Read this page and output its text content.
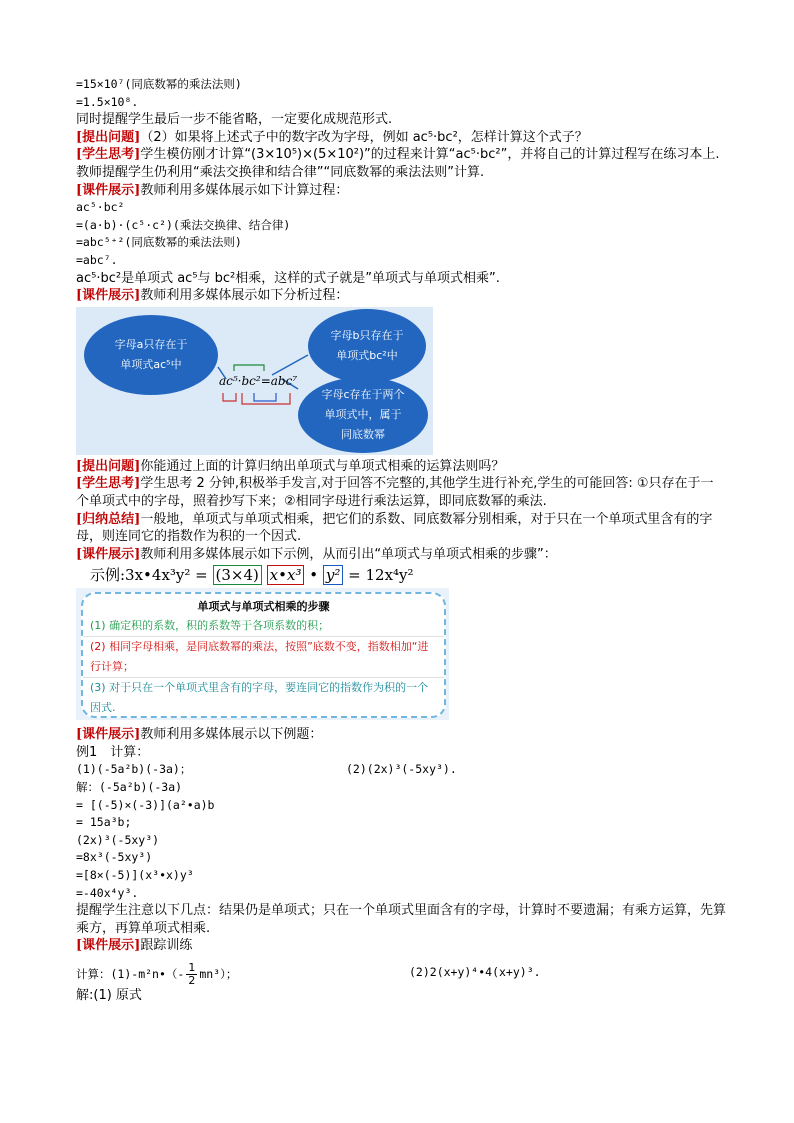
=15×10⁷(同底数幂的乘法法则)
=1.5×10⁸.
同时提醒学生最后一步不能省略，一定要化成规范形式.
[提出问题]（2）如果将上述式子中的数字改为字母，例如 ac⁵·bc²，怎样计算这个式子？
[学生思考]学生模仿刚才计算“(3×10⁵)×(5×10²)”的过程来计算“ac⁵·bc²”，并将自己的计算过程写在练习本上.教师提醒学生仍利用“乘法交换律和结合律”“同底数幂的乘法法则”计算.
[课件展示]教师利用多媒体展示如下计算过程：
ac⁵·bc²
=(a·b)·(c⁵·c²)(乘法交换律、结合律)
=abc⁵⁺²(同底数幂的乘法法则)
=abc⁷.
ac⁵·bc²是单项式 ac⁵与 bc²相乘，这样的式子就是”单项式与单项式相乘”.
[课件展示]教师利用多媒体展示如下分析过程：
字母a只存在于
单项式ac⁵中
字母b只存在于
单项式bc²中
字母c存在于两个
单项式中，属于
同底数幂
ac⁵·bc²=abc⁷
[提出问题]你能通过上面的计算归纳出单项式与单项式相乘的运算法则吗？
[学生思考]学生思考 2 分钟,积极举手发言,对于回答不完整的,其他学生进行补充,学生的可能回答: ①只存在于一个单项式中的字母，照着抄写下来；②相同字母进行乘法运算，即同底数幂的乘法.
[归纳总结]一般地，单项式与单项式相乘，把它们的系数、同底数幂分别相乘，对于只在一个单项式里含有的字母，则连同它的指数作为积的一个因式.
[课件展示]教师利用多媒体展示如下示例，从而引出“单项式与单项式相乘的步骤”：
示例:3x•4x³y² = (3×4) x•x³ • y² = 12x⁴y²
单项式与单项式相乘的步骤
(1) 确定积的系数，积的系数等于各项系数的积；
(2) 相同字母相乘，是同底数幂的乘法，按照”底数不变，指数相加“进行计算；
(3) 对于只在一个单项式里含有的字母，要连同它的指数作为积的一个因式.
[课件展示]教师利用多媒体展示以下例题：
例1　计算：
(1)(-5a²b)(-3a)；	(2)(2x)³(-5xy³).
解：(-5a²b)(-3a)
= [(-5)×(-3)](a²•a)b
= 15a³b;
(2x)³(-5xy³)
=8x³(-5xy³)
=[8×(-5)](x³•x)y³
=-40x⁴y³.
提醒学生注意以下几点：结果仍是单项式；只在一个单项式里面含有的字母，计算时不要遗漏；有乘方运算，先算乘方，再算单项式相乘.
[课件展示]跟踪训练
计算：(1)-m²n•（- $\frac{1}{2} mn^3$）；	(2)2(x+y)⁴•4(x+y)³.
解:(1) 原式
